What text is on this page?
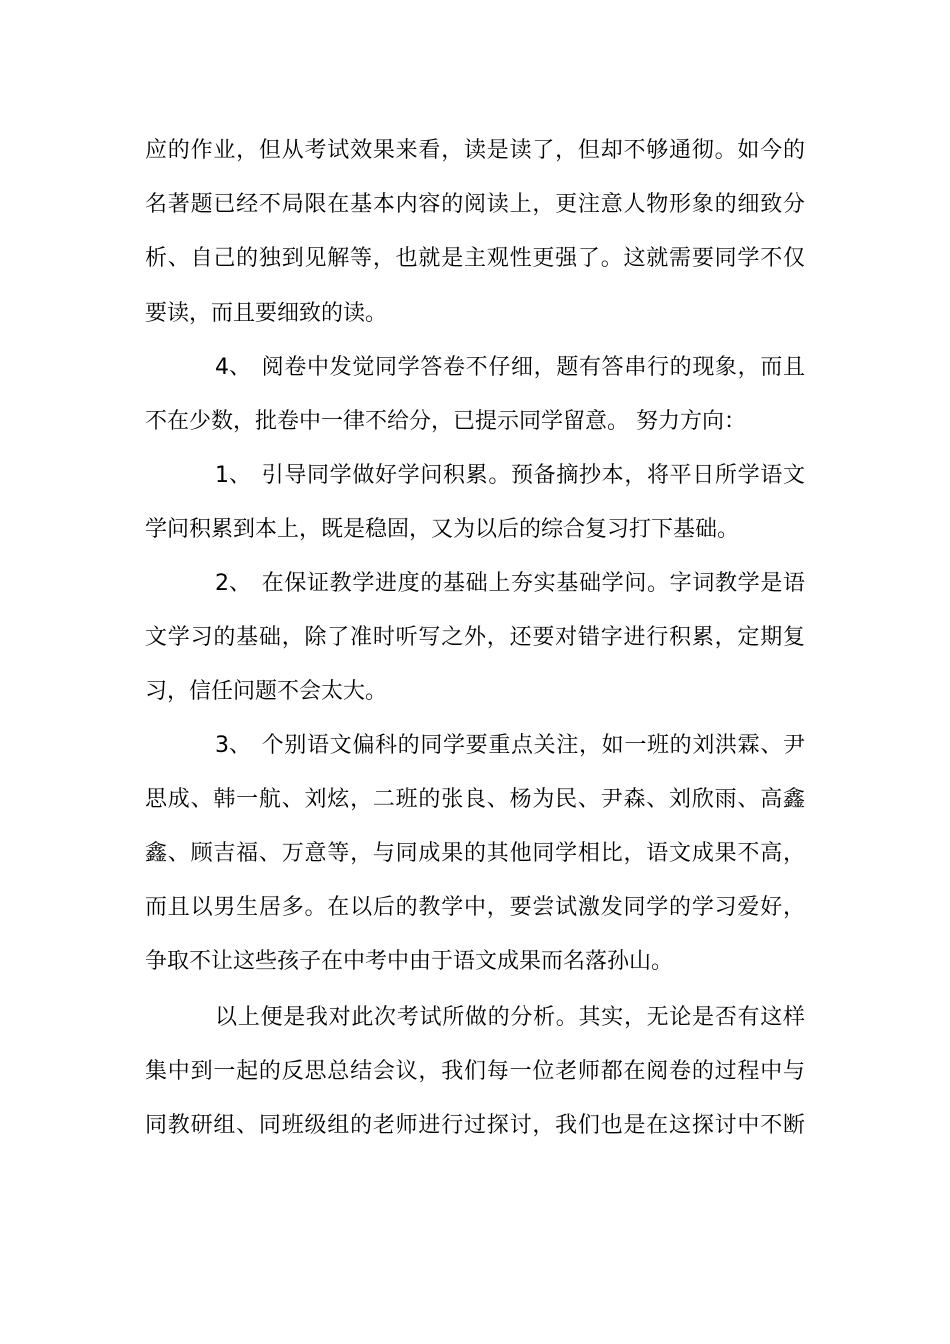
应的作业，但从考试效果来看，读是读了，但却不够通彻。如今的
名著题已经不局限在基本内容的阅读上，更注意人物形象的细致分
析、自己的独到见解等，也就是主观性更强了。这就需要同学不仅
要读，而且要细致的读。
4、 阅卷中发觉同学答卷不仔细，题有答串行的现象，而且
不在少数，批卷中一律不给分，已提示同学留意。 努力方向：
1、 引导同学做好学问积累。预备摘抄本，将平日所学语文
学问积累到本上，既是稳固，又为以后的综合复习打下基础。
2、 在保证教学进度的基础上夯实基础学问。字词教学是语
文学习的基础，除了准时听写之外，还要对错字进行积累，定期复
习，信任问题不会太大。
3、 个别语文偏科的同学要重点关注，如一班的刘洪霖、尹
思成、韩一航、刘炫，二班的张良、杨为民、尹森、刘欣雨、高鑫
鑫、顾吉福、万意等，与同成果的其他同学相比，语文成果不高，
而且以男生居多。在以后的教学中，要尝试激发同学的学习爱好，
争取不让这些孩子在中考中由于语文成果而名落孙山。
以上便是我对此次考试所做的分析。其实，无论是否有这样
集中到一起的反思总结会议，我们每一位老师都在阅卷的过程中与
同教研组、同班级组的老师进行过探讨，我们也是在这探讨中不断
